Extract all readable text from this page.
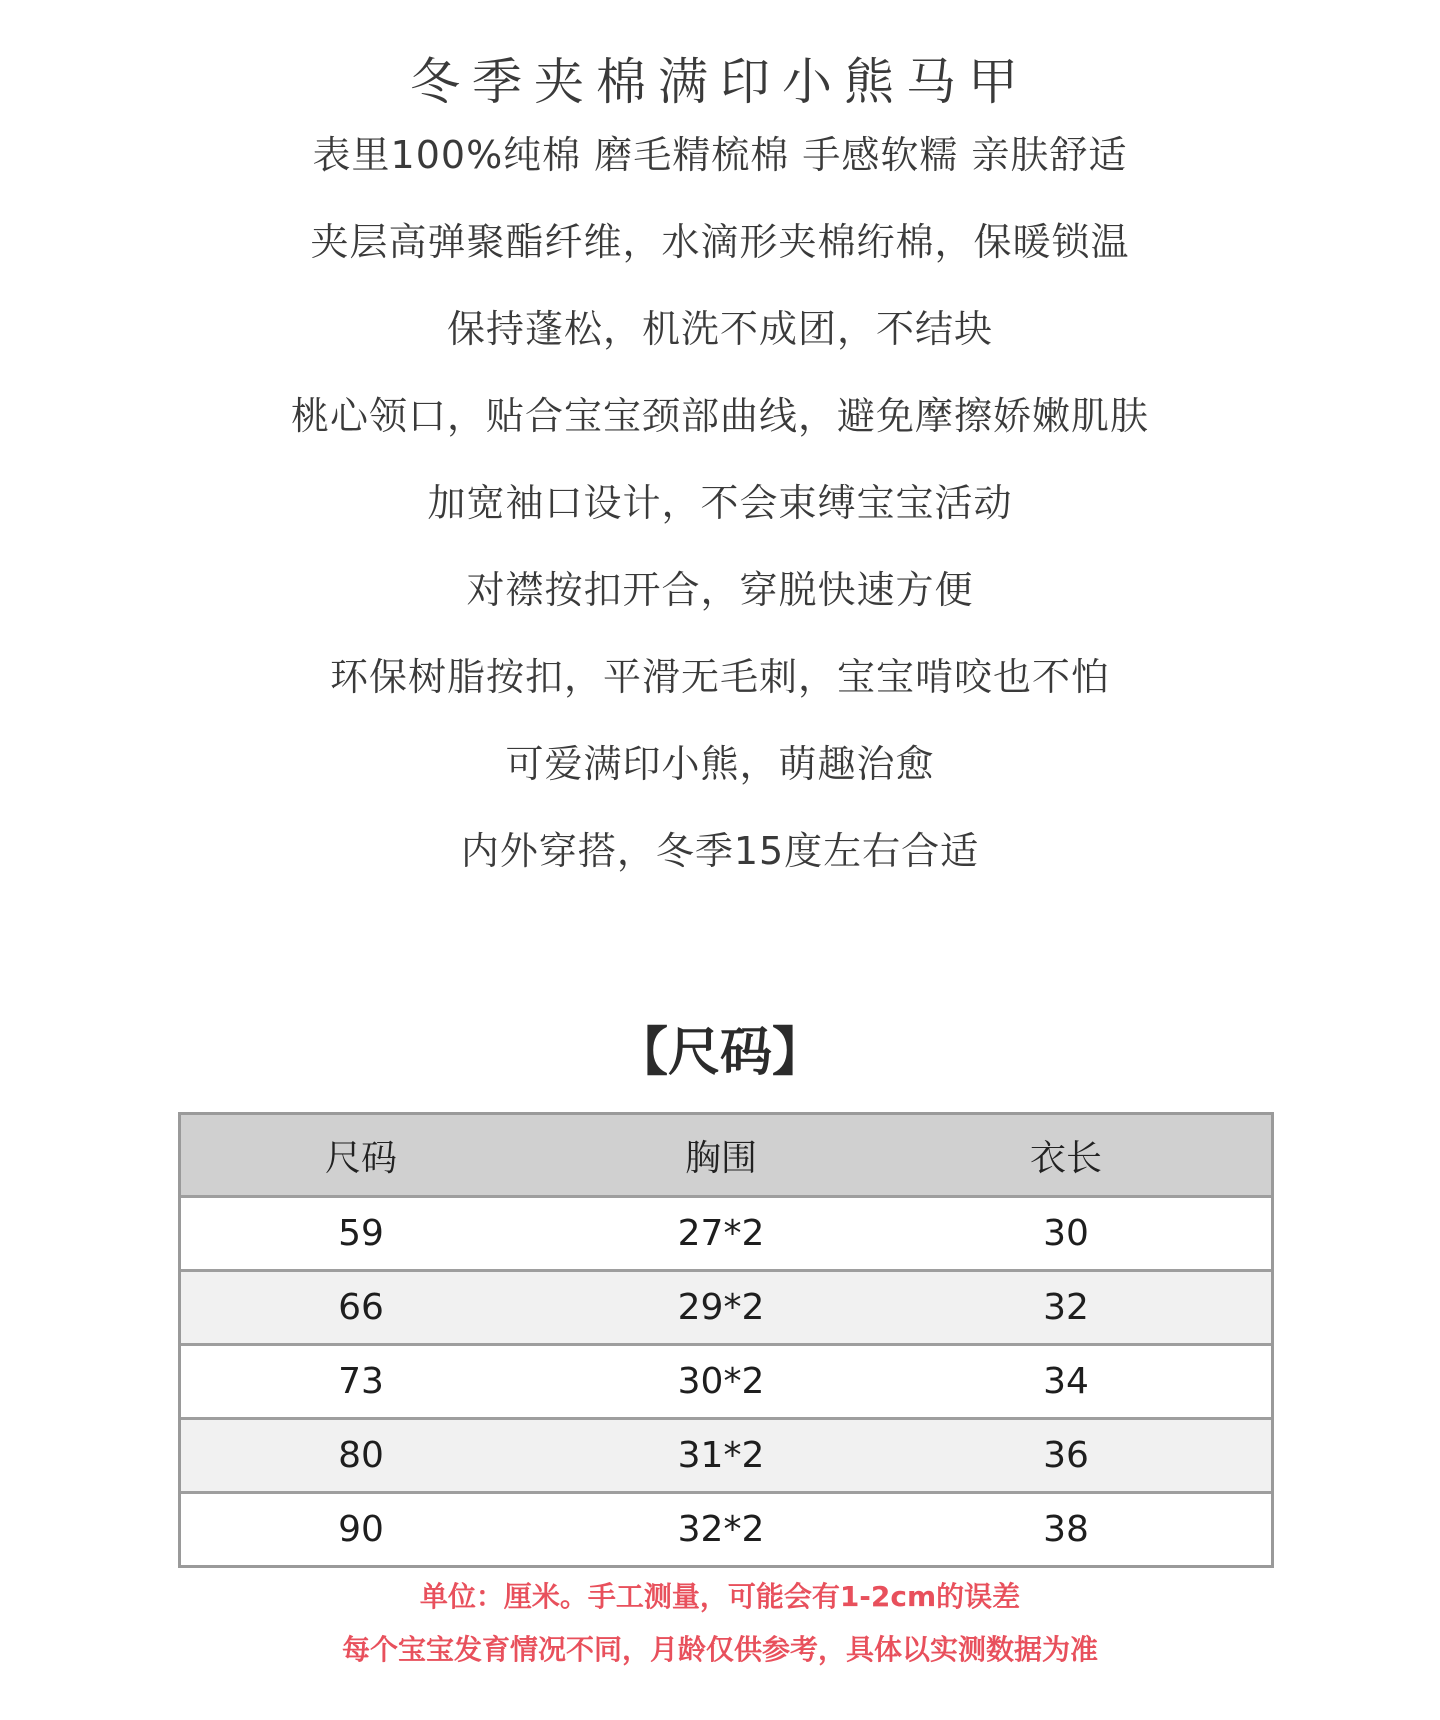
冬季夹棉满印小熊马甲
表里100%纯棉 磨毛精梳棉 手感软糯 亲肤舒适
夹层高弹聚酯纤维，水滴形夹棉绗棉，保暖锁温
保持蓬松，机洗不成团，不结块
桃心领口，贴合宝宝颈部曲线，避免摩擦娇嫩肌肤
加宽袖口设计，不会束缚宝宝活动
对襟按扣开合，穿脱快速方便
环保树脂按扣，平滑无毛刺，宝宝啃咬也不怕
可爱满印小熊，萌趣治愈
内外穿搭，冬季15度左右合适
【尺码】
尺码	胸围	衣长
59	27*2	30
66	29*2	32
73	30*2	34
80	31*2	36
90	32*2	38
单位：厘米。手工测量，可能会有1-2cm的误差
每个宝宝发育情况不同，月龄仅供参考，具体以实测数据为准
